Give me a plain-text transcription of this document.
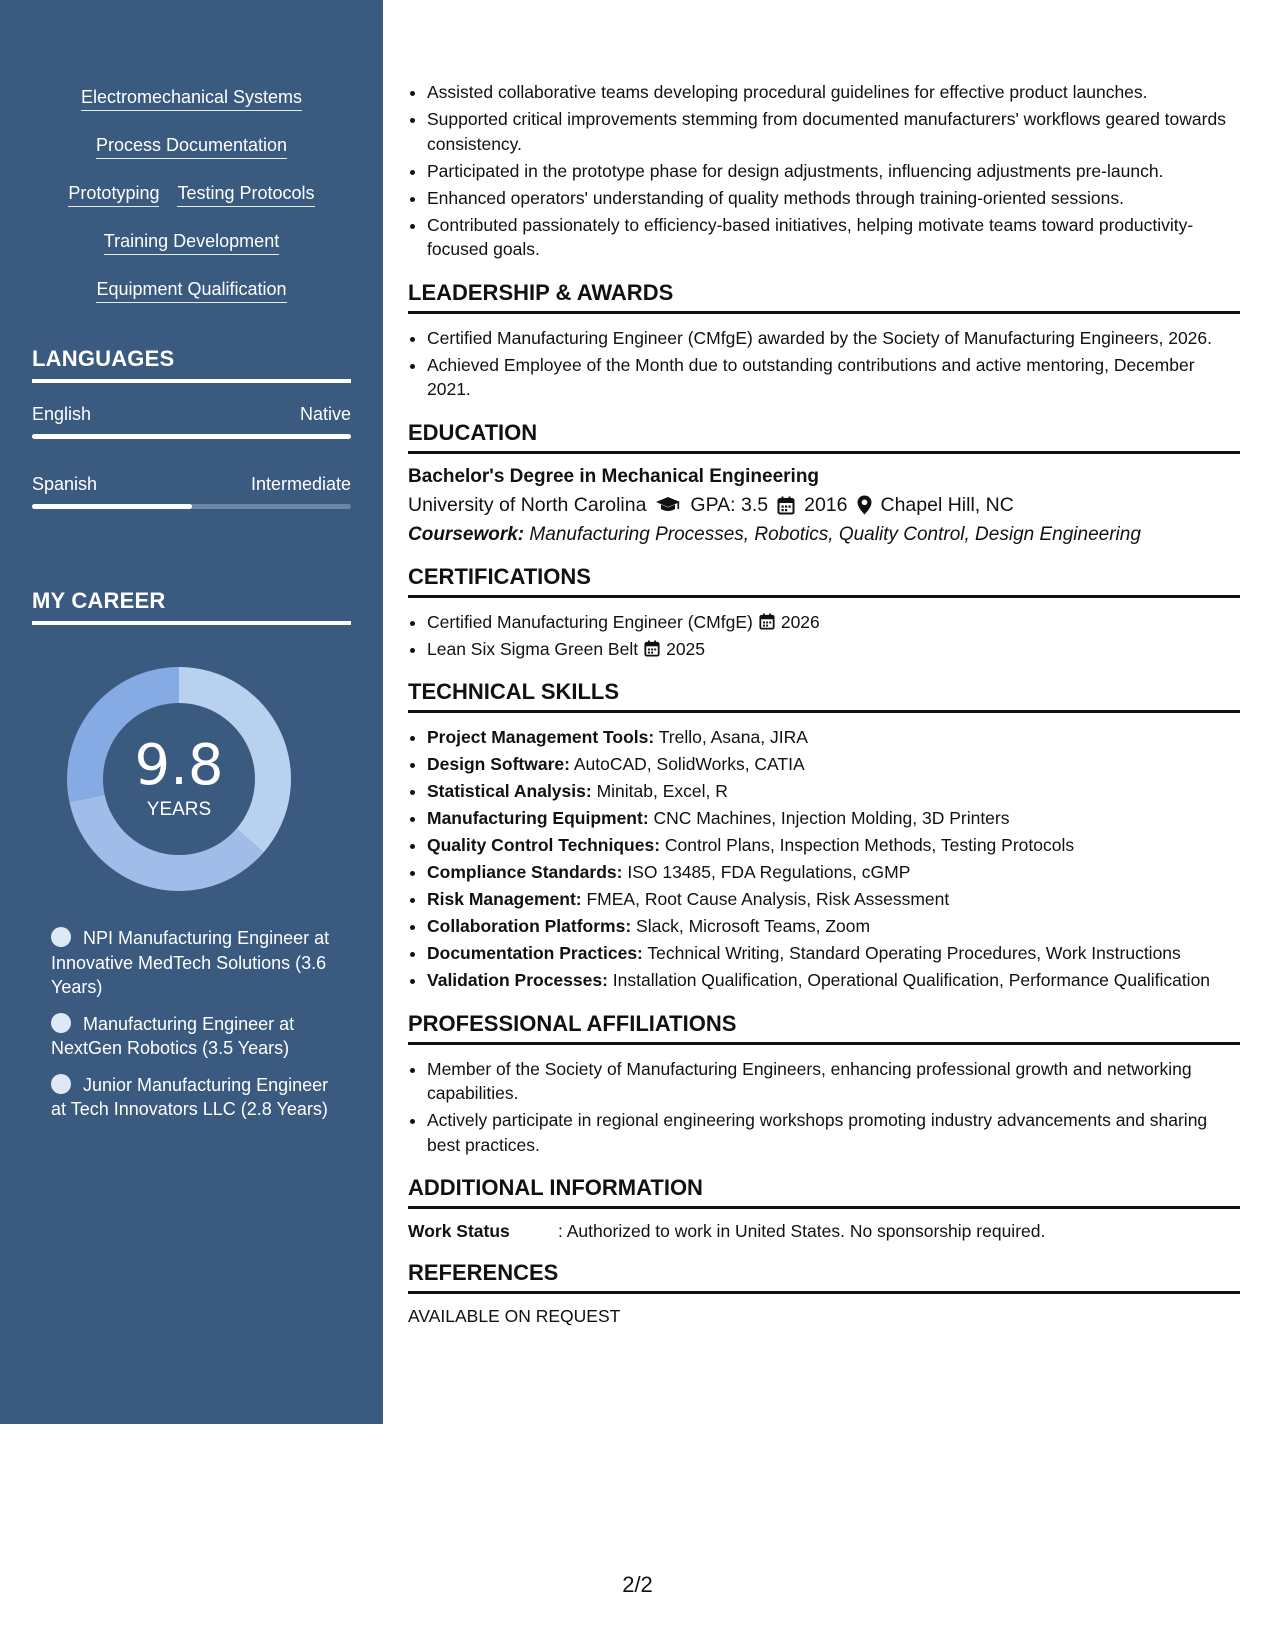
Electromechanical Systems
Process Documentation
Prototyping Testing Protocols
Training Development
Equipment Qualification
LANGUAGES
English	Native
Spanish	Intermediate
MY CAREER
9.8
YEARS
NPI Manufacturing Engineer at Innovative MedTech Solutions (3.6 Years)
Manufacturing Engineer at NextGen Robotics (3.5 Years)
Junior Manufacturing Engineer at Tech Innovators LLC (2.8 Years)
• Assisted collaborative teams developing procedural guidelines for effective product launches.
• Supported critical improvements stemming from documented manufacturers' workflows geared towards consistency.
• Participated in the prototype phase for design adjustments, influencing adjustments pre-launch.
• Enhanced operators' understanding of quality methods through training-oriented sessions.
• Contributed passionately to efficiency-based initiatives, helping motivate teams toward productivity-focused goals.
LEADERSHIP & AWARDS
• Certified Manufacturing Engineer (CMfgE) awarded by the Society of Manufacturing Engineers, 2026.
• Achieved Employee of the Month due to outstanding contributions and active mentoring, December 2021.
EDUCATION
Bachelor's Degree in Mechanical Engineering
University of North Carolina GPA: 3.5 2016 Chapel Hill, NC
Coursework: Manufacturing Processes, Robotics, Quality Control, Design Engineering
CERTIFICATIONS
• Certified Manufacturing Engineer (CMfgE) 2026
• Lean Six Sigma Green Belt 2025
TECHNICAL SKILLS
• Project Management Tools: Trello, Asana, JIRA
• Design Software: AutoCAD, SolidWorks, CATIA
• Statistical Analysis: Minitab, Excel, R
• Manufacturing Equipment: CNC Machines, Injection Molding, 3D Printers
• Quality Control Techniques: Control Plans, Inspection Methods, Testing Protocols
• Compliance Standards: ISO 13485, FDA Regulations, cGMP
• Risk Management: FMEA, Root Cause Analysis, Risk Assessment
• Collaboration Platforms: Slack, Microsoft Teams, Zoom
• Documentation Practices: Technical Writing, Standard Operating Procedures, Work Instructions
• Validation Processes: Installation Qualification, Operational Qualification, Performance Qualification
PROFESSIONAL AFFILIATIONS
• Member of the Society of Manufacturing Engineers, enhancing professional growth and networking capabilities.
• Actively participate in regional engineering workshops promoting industry advancements and sharing best practices.
ADDITIONAL INFORMATION
Work Status	: Authorized to work in United States. No sponsorship required.
REFERENCES
AVAILABLE ON REQUEST
2/2
